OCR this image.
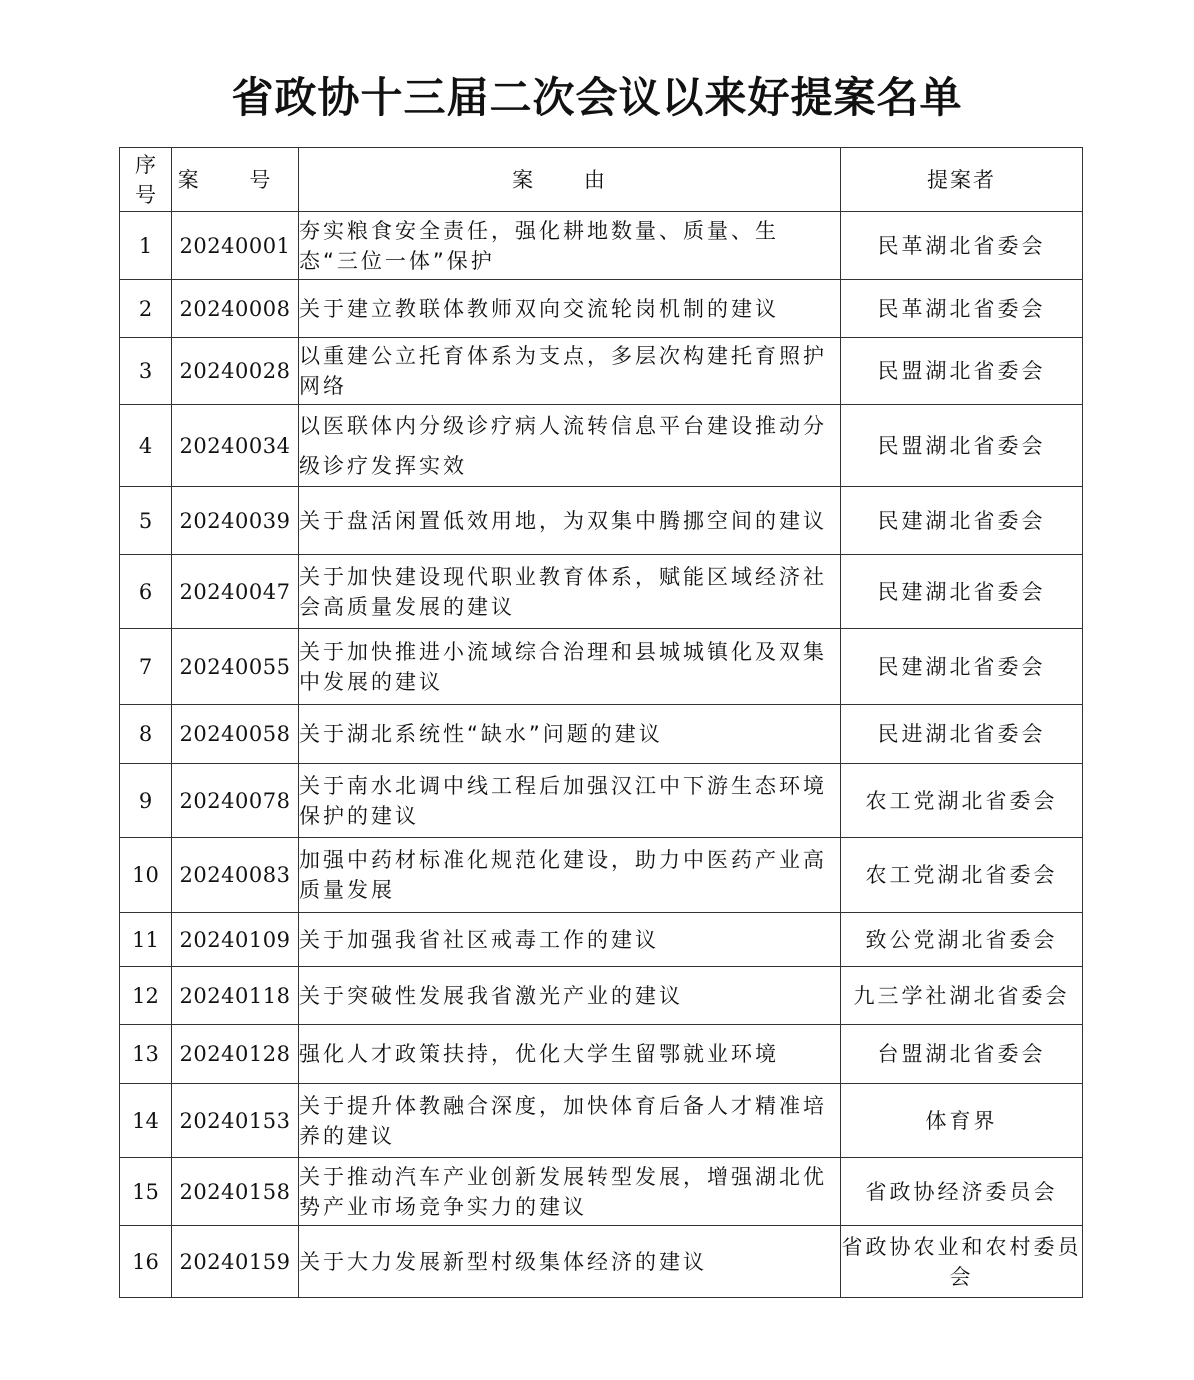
省政协十三届二次会议以来好提案名单
序号	案 号	案 由	提案者
1	20240001	夯实粮食安全责任，强化耕地数量、质量、生态“三位一体”保护	民革湖北省委会
2	20240008	关于建立教联体教师双向交流轮岗机制的建议	民革湖北省委会
3	20240028	以重建公立托育体系为支点，多层次构建托育照护网络	民盟湖北省委会
4	20240034	以医联体内分级诊疗病人流转信息平台建设推动分级诊疗发挥实效	民盟湖北省委会
5	20240039	关于盘活闲置低效用地，为双集中腾挪空间的建议	民建湖北省委会
6	20240047	关于加快建设现代职业教育体系，赋能区域经济社会高质量发展的建议	民建湖北省委会
7	20240055	关于加快推进小流域综合治理和县城城镇化及双集中发展的建议	民建湖北省委会
8	20240058	关于湖北系统性“缺水”问题的建议	民进湖北省委会
9	20240078	关于南水北调中线工程后加强汉江中下游生态环境保护的建议	农工党湖北省委会
10	20240083	加强中药材标准化规范化建设，助力中医药产业高质量发展	农工党湖北省委会
11	20240109	关于加强我省社区戒毒工作的建议	致公党湖北省委会
12	20240118	关于突破性发展我省激光产业的建议	九三学社湖北省委会
13	20240128	强化人才政策扶持，优化大学生留鄂就业环境	台盟湖北省委会
14	20240153	关于提升体教融合深度，加快体育后备人才精准培养的建议	体育界
15	20240158	关于推动汽车产业创新发展转型发展，增强湖北优势产业市场竞争实力的建议	省政协经济委员会
16	20240159	关于大力发展新型村级集体经济的建议	省政协农业和农村委员会
